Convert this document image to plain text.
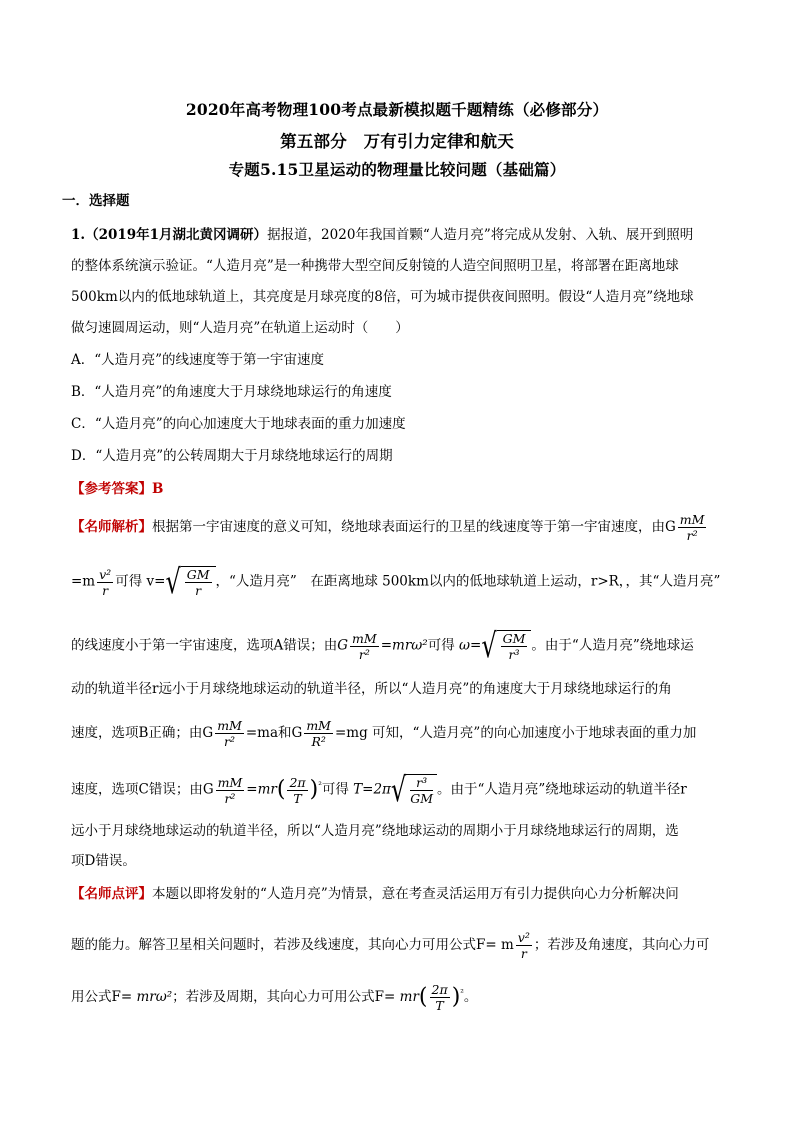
2020年高考物理100考点最新模拟题千题精练（必修部分）
第五部分　万有引力定律和航天
专题5.15卫星运动的物理量比较问题（基础篇）
一．选择题
1.（2019年1月湖北黄冈调研）据报道，2020年我国首颗“人造月亮”将完成从发射、入轨、展开到照明
的整体系统演示验证。“人造月亮”是一种携带大型空间反射镜的人造空间照明卫星，将部署在距离地球
500km以内的低地球轨道上，其亮度是月球亮度的8倍，可为城市提供夜间照明。假设“人造月亮”绕地球
做匀速圆周运动，则“人造月亮”在轨道上运动时（　　）
A．“人造月亮”的线速度等于第一宇宙速度
B．“人造月亮”的角速度大于月球绕地球运行的角速度
C．“人造月亮”的向心加速度大于地球表面的重力加速度
D．“人造月亮”的公转周期大于月球绕地球运行的周期
【参考答案】B
【名师解析】根据第一宇宙速度的意义可知，绕地球表面运行的卫星的线速度等于第一宇宙速度，由G $\frac{mM}{\text{r²}}$
$=m \frac{\text{v²}}{r}$ 可得 $v=√ \frac{GM}{r}$ ，“人造月亮”　在距离地球 500km以内的低地球轨道上运动，r>R，，其“人造月亮”
的线速度小于第一宇宙速度，选项A错误；由G $\frac{mM}{\text{r²}} =mr\omega^2$可得 $\omega=√ \frac{GM}{\text{r³}}$ 。由于“人造月亮”绕地球运
动的轨道半径r远小于月球绕地球运动的轨道半径，所以“人造月亮”的角速度大于月球绕地球运行的角
速度，选项B正确；由G $\frac{mM}{\text{r²}} =ma$和G $\frac{mM}{\text{R²}} =mg$ 可知，“人造月亮”的向心加速度小于地球表面的重力加
速度，选项C错误；由G $\frac{mM}{\text{r²}} =mr( \frac{2\pi}{T} )^{^2}$可得 $T=2\pi√ \frac{\text{r³}}{GM}$ 。由于“人造月亮”绕地球运动的轨道半径r
远小于月球绕地球运动的轨道半径，所以“人造月亮”绕地球运动的周期小于月球绕地球运行的周期，选
项D错误。
【名师点评】本题以即将发射的“人造月亮”为情景，意在考查灵活运用万有引力提供向心力分析解决问
题的能力。解答卫星相关问题时，若涉及线速度，其向心力可用公式F= m $\frac{\text{v²}}{r}$ ；若涉及角速度，其向心力可
用公式F= mrω²；若涉及周期，其向心力可用公式$F= mr( \frac{2\pi}{T} )^{^2}$。
